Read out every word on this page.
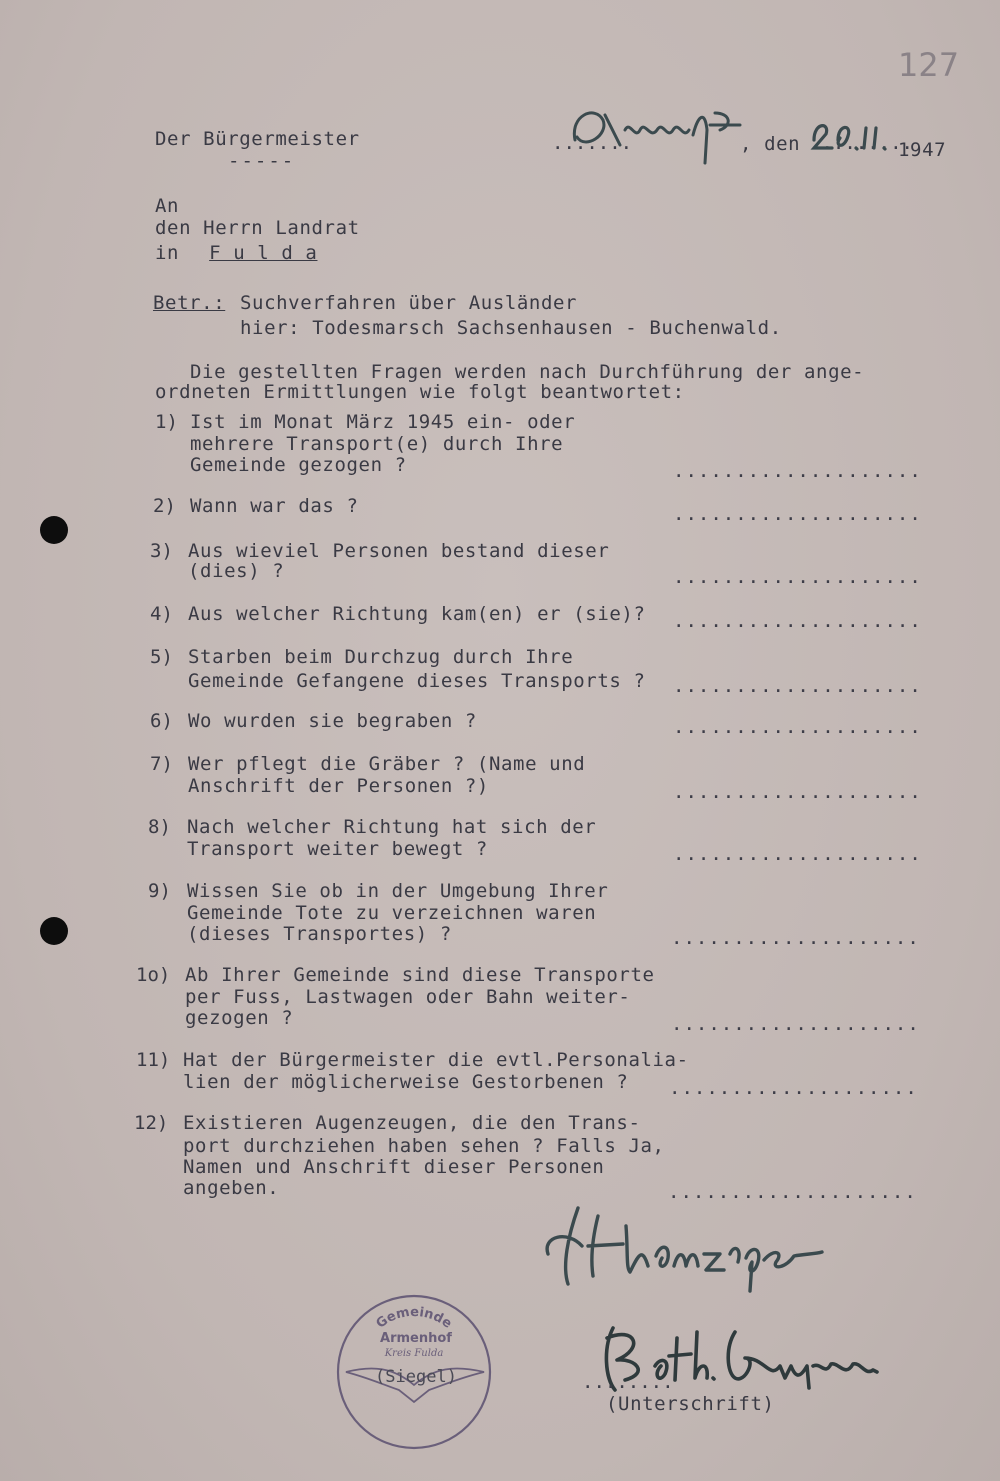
127
Der Bürgermeister
-----
.......	, den .........
1947
An
den Herrn Landrat
in F u l d a
Betr.: Suchverfahren über Ausländer
hier: Todesmarsch Sachsenhausen - Buchenwald.
Die gestellten Fragen werden nach Durchführung der ange-
ordneten Ermittlungen wie folgt beantwortet:
1) Ist im Monat März 1945 ein- oder
mehrere Transport(e) durch Ihre
Gemeinde gezogen ?	....................
2) Wann war das ?	....................
3) Aus wieviel Personen bestand dieser
(dies) ?	....................
4) Aus welcher Richtung kam(en) er (sie)? ....................
5) Starben beim Durchzug durch Ihre
Gemeinde Gefangene dieses Transports ? ....................
6) Wo wurden sie begraben ?	....................
7) Wer pflegt die Gräber ? (Name und
Anschrift der Personen ?)	....................
8) Nach welcher Richtung hat sich der
Transport weiter bewegt ?	....................
9) Wissen Sie ob in der Umgebung Ihrer
Gemeinde Tote zu verzeichnen waren
(dieses Transportes) ?	....................
1o) Ab Ihrer Gemeinde sind diese Transporte
per Fuss, Lastwagen oder Bahn weiter-
gezogen ?	....................
11) Hat der Bürgermeister die evtl.Personalia-
lien der möglicherweise Gestorbenen ? ....................
12) Existieren Augenzeugen, die den Trans-
port durchziehen haben sehen ? Falls Ja,
Namen und Anschrift dieser Personen
angeben.	....................
Gemeinde
Armenhof
Kreis Fulda
(Siegel)	........
(Unterschrift)
